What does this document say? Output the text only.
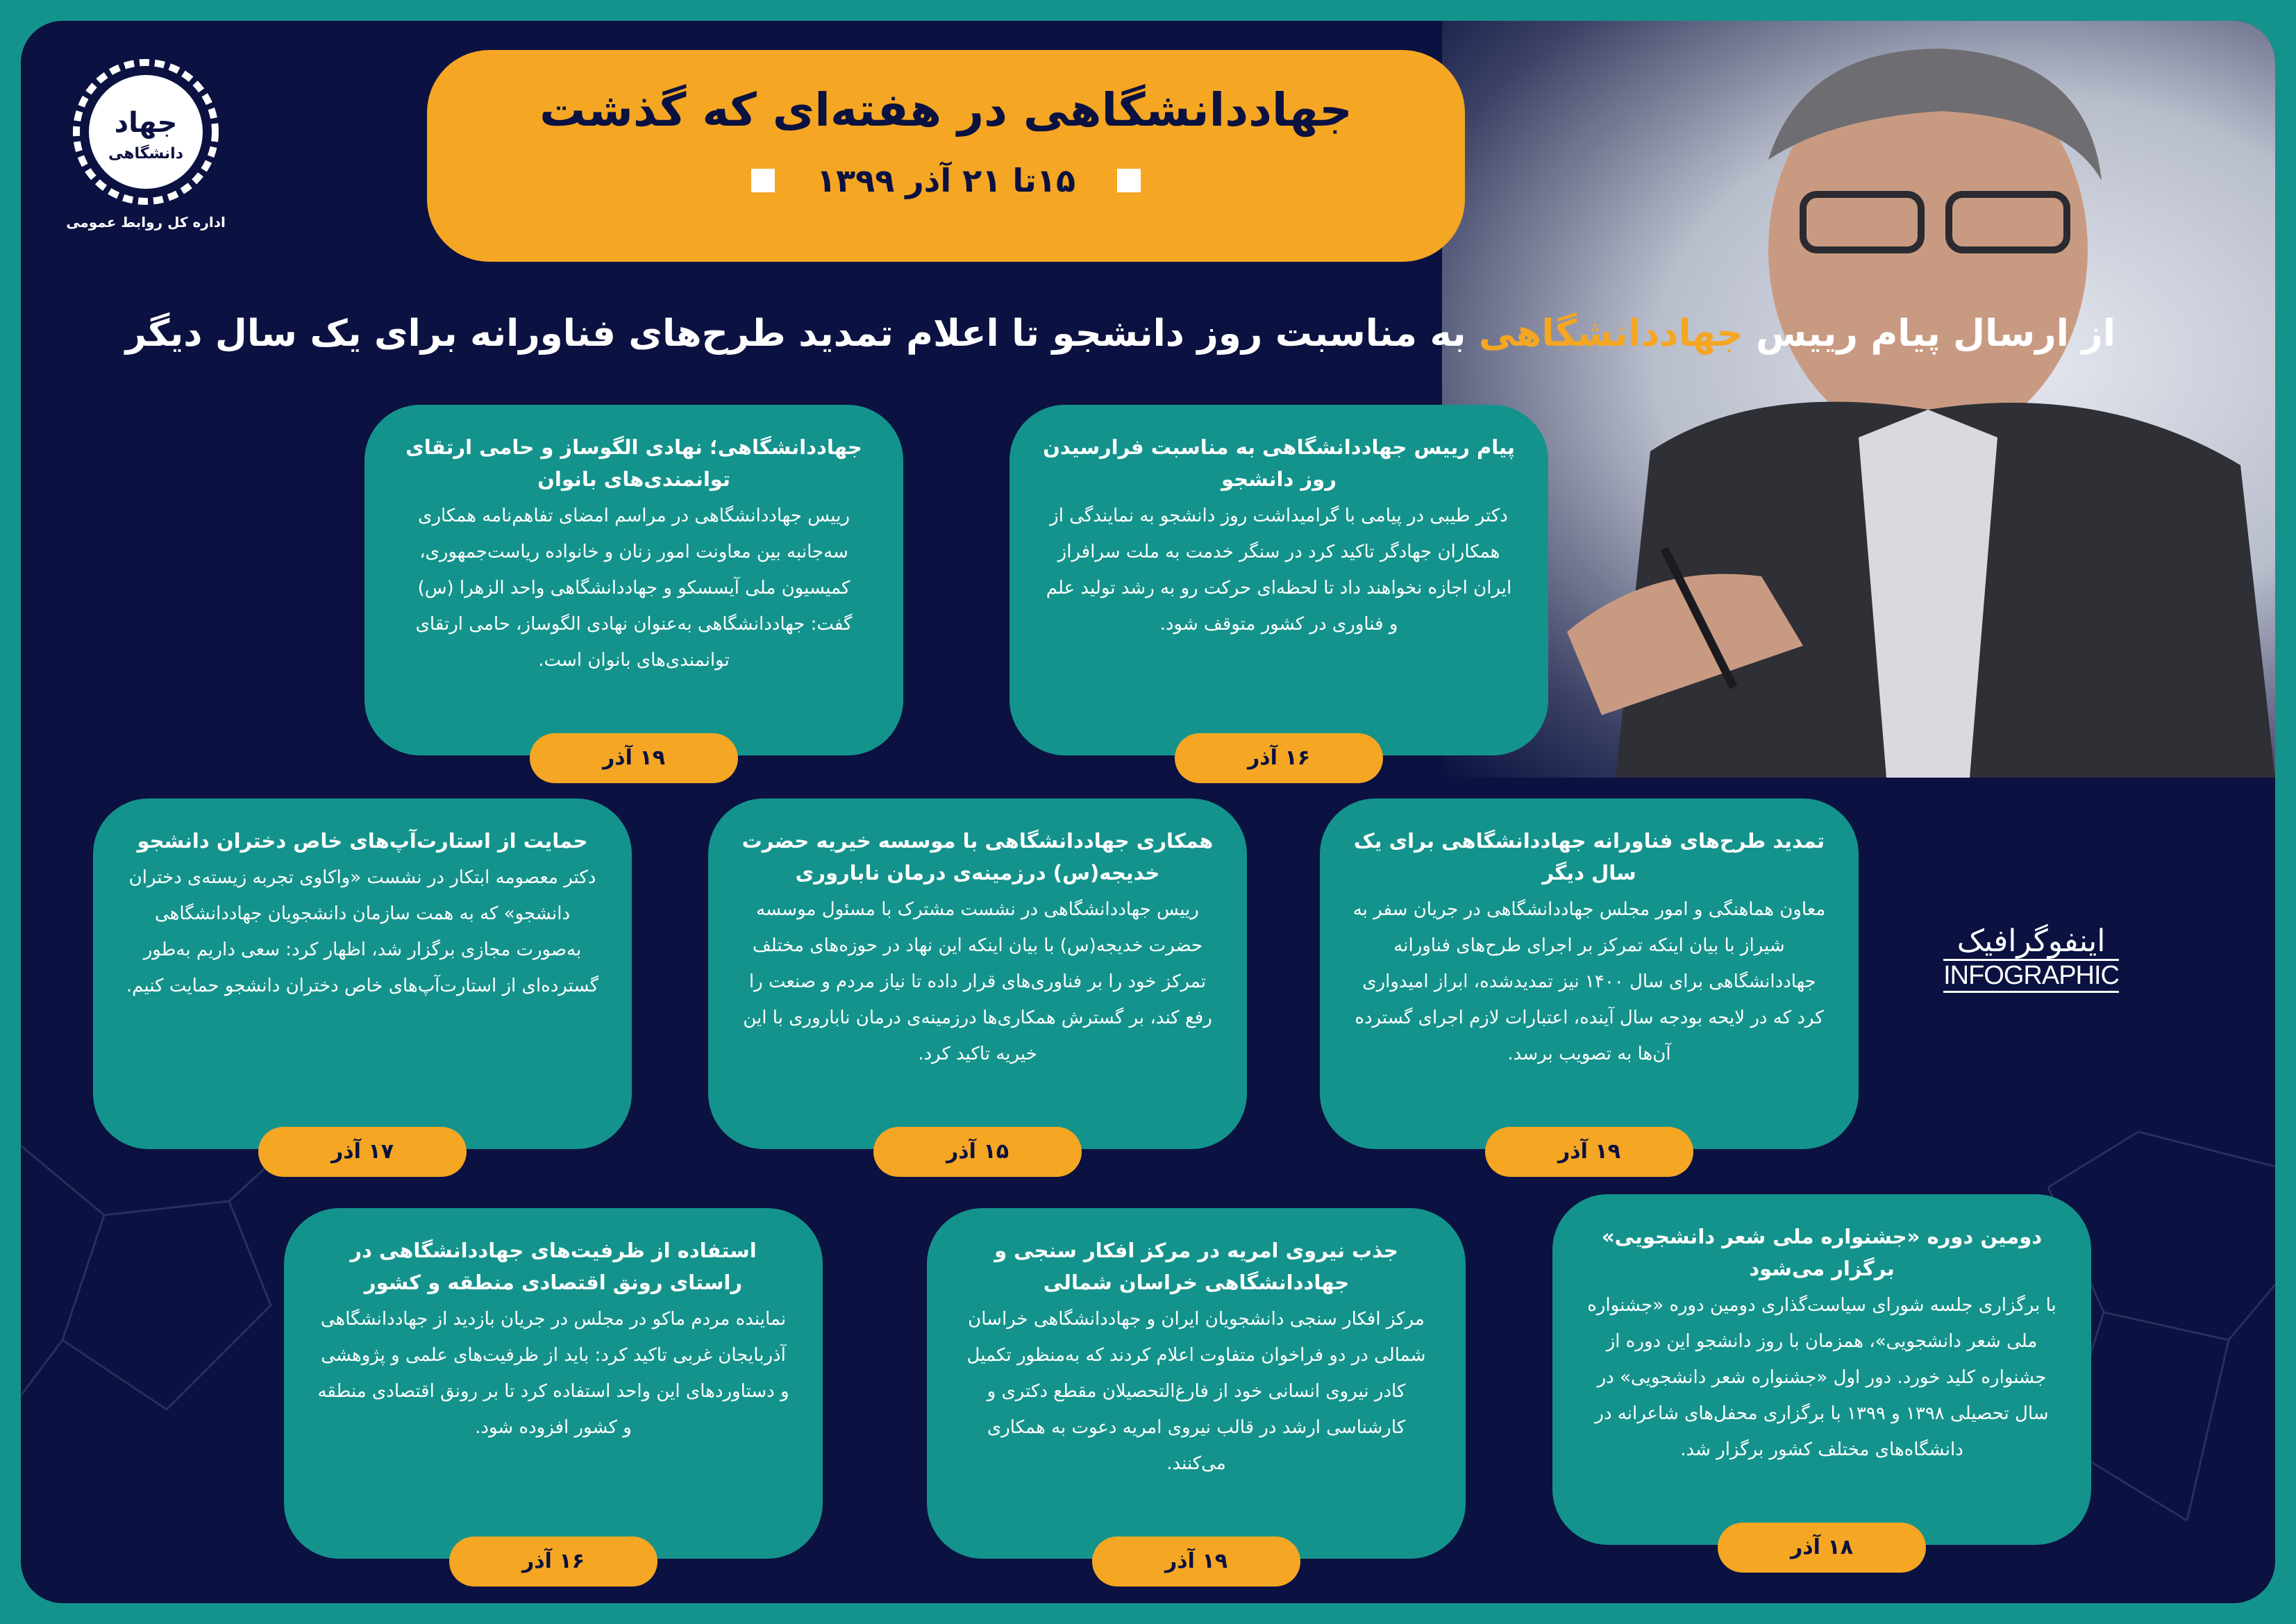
جهاد
دانشگاهی
اداره کل روابط عمومی
جهاددانشگاهی در هفته‌ای که گذشت
۱۵تا ۲۱ آذر ۱۳۹۹
از ارسال پیام رییس جهاددانشگاهی به مناسبت روز دانشجو تا اعلام تمدید طرح‌های فناورانه برای یک سال دیگر
اینفوگرافیک
INFOGRAPHIC
پیام رییس جهاددانشگاهی به مناسبت فرارسیدن روز دانشجو
دکتر طیبی در پیامی با گرامیداشت روز دانشجو به نمایندگی از همکاران جهادگر تاکید کرد در سنگر خدمت به ملت سرافراز ایران اجازه نخواهند داد تا لحظه‌ای حرکت رو به رشد تولید علم و فناوری در کشور متوقف شود.
۱۶ آذر
جهاددانشگاهی؛ نهادی الگوساز و حامی ارتقای توانمندی‌های بانوان
رییس جهاددانشگاهی در مراسم امضای تفاهم‌نامه همکاری سه‌جانبه بین معاونت امور زنان و خانواده ریاست‌جمهوری، کمیسیون ملی آیسسکو و جهاددانشگاهی واحد الزهرا (س) گفت: جهاددانشگاهی به‌عنوان نهادی الگوساز، حامی ارتقای توانمندی‌های بانوان است.
۱۹ آذر
تمدید طرح‌های فناورانه جهاددانشگاهی برای یک سال دیگر
معاون هماهنگی و امور مجلس جهاددانشگاهی در جریان سفر به شیراز با بیان اینکه تمرکز بر اجرای طرح‌های فناورانه جهاددانشگاهی برای سال ۱۴۰۰ نیز تمدیدشده، ابراز امیدواری کرد که در لایحه بودجه سال آینده، اعتبارات لازم اجرای گسترده آن‌ها به تصویب برسد.
۱۹ آذر
همکاری جهاددانشگاهی با موسسه خیریه حضرت خدیجه(س) درزمینه‌ی درمان ناباروری
رییس جهاددانشگاهی در نشست مشترک با مسئول موسسه حضرت خدیجه(س) با بیان اینکه این نهاد در حوزه‌های مختلف تمرکز خود را بر فناوری‌های قرار داده تا نیاز مردم و صنعت را رفع کند، بر گسترش همکاری‌ها درزمینه‌ی درمان ناباروری با این خیریه تاکید کرد.
۱۵ آذر
حمایت از استارت‌آپ‌های خاص دختران دانشجو
دکتر معصومه ابتکار در نشست «واکاوی تجربه زیسته‌ی دختران دانشجو» که به همت سازمان دانشجویان جهاددانشگاهی به‌صورت مجازی برگزار شد، اظهار کرد: سعی داریم به‌طور گسترده‌ای از استارت‌آپ‌های خاص دختران دانشجو حمایت کنیم.
۱۷ آذر
دومین دوره «جشنواره ملی شعر دانشجویی» برگزار می‌شود
با برگزاری جلسه شورای سیاست‌گذاری دومین دوره «جشنواره ملی شعر دانشجویی»، همزمان با روز دانشجو این دوره از جشنواره کلید خورد. دور اول «جشنواره شعر دانشجویی» در سال تحصیلی ۱۳۹۸ و ۱۳۹۹ با برگزاری محفل‌های شاعرانه در دانشگاه‌های مختلف کشور برگزار شد.
۱۸ آذر
جذب نیروی امریه در مرکز افکار سنجی و جهاددانشگاهی خراسان شمالی
مرکز افکار سنجی دانشجویان ایران و جهاددانشگاهی خراسان شمالی در دو فراخوان متفاوت اعلام کردند که به‌منظور تکمیل کادر نیروی انسانی خود از فارغ‌التحصیلان مقطع دکتری و کارشناسی ارشد در قالب نیروی امریه دعوت به همکاری می‌کنند.
۱۹ آذر
استفاده از ظرفیت‌های جهاددانشگاهی در راستای رونق اقتصادی منطقه و کشور
نماینده مردم ماکو در مجلس در جریان بازدید از جهاددانشگاهی آذربایجان غربی تاکید کرد: باید از ظرفیت‌های علمی و پژوهشی و دستاوردهای این واحد استفاده کرد تا بر رونق اقتصادی منطقه و کشور افزوده شود.
۱۶ آذر
